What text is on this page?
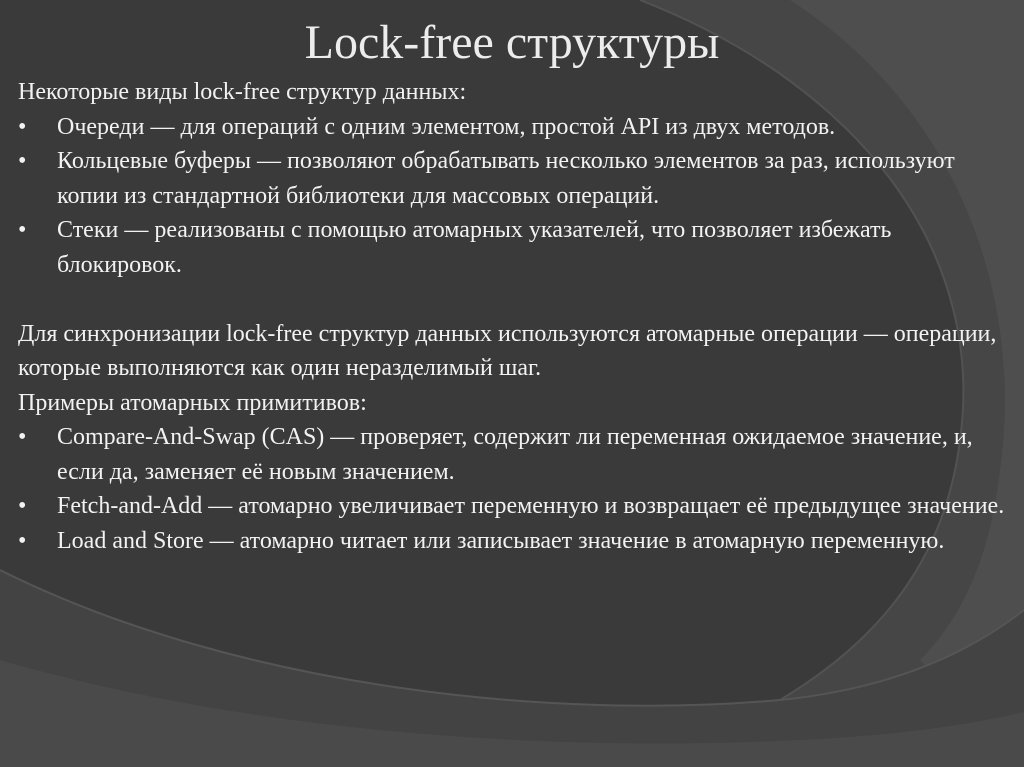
Lock-free структуры

Некоторые виды lock-free структур данных:

• Очереди — для операций с одним элементом, простой API из двух методов.
• Кольцевые буферы — позволяют обрабатывать несколько элементов за раз, используют копии из стандартной библиотеки для массовых операций.
• Стеки — реализованы с помощью атомарных указателей, что позволяет избежать блокировок.

Для синхронизации lock-free структур данных используются атомарные операции — операции, которые выполняются как один неразделимый шаг.

Примеры атомарных примитивов:

• Compare-And-Swap (CAS) — проверяет, содержит ли переменная ожидаемое значение, и, если да, заменяет её новым значением.
• Fetch-and-Add — атомарно увеличивает переменную и возвращает её предыдущее значение.
• Load and Store — атомарно читает или записывает значение в атомарную переменную.
